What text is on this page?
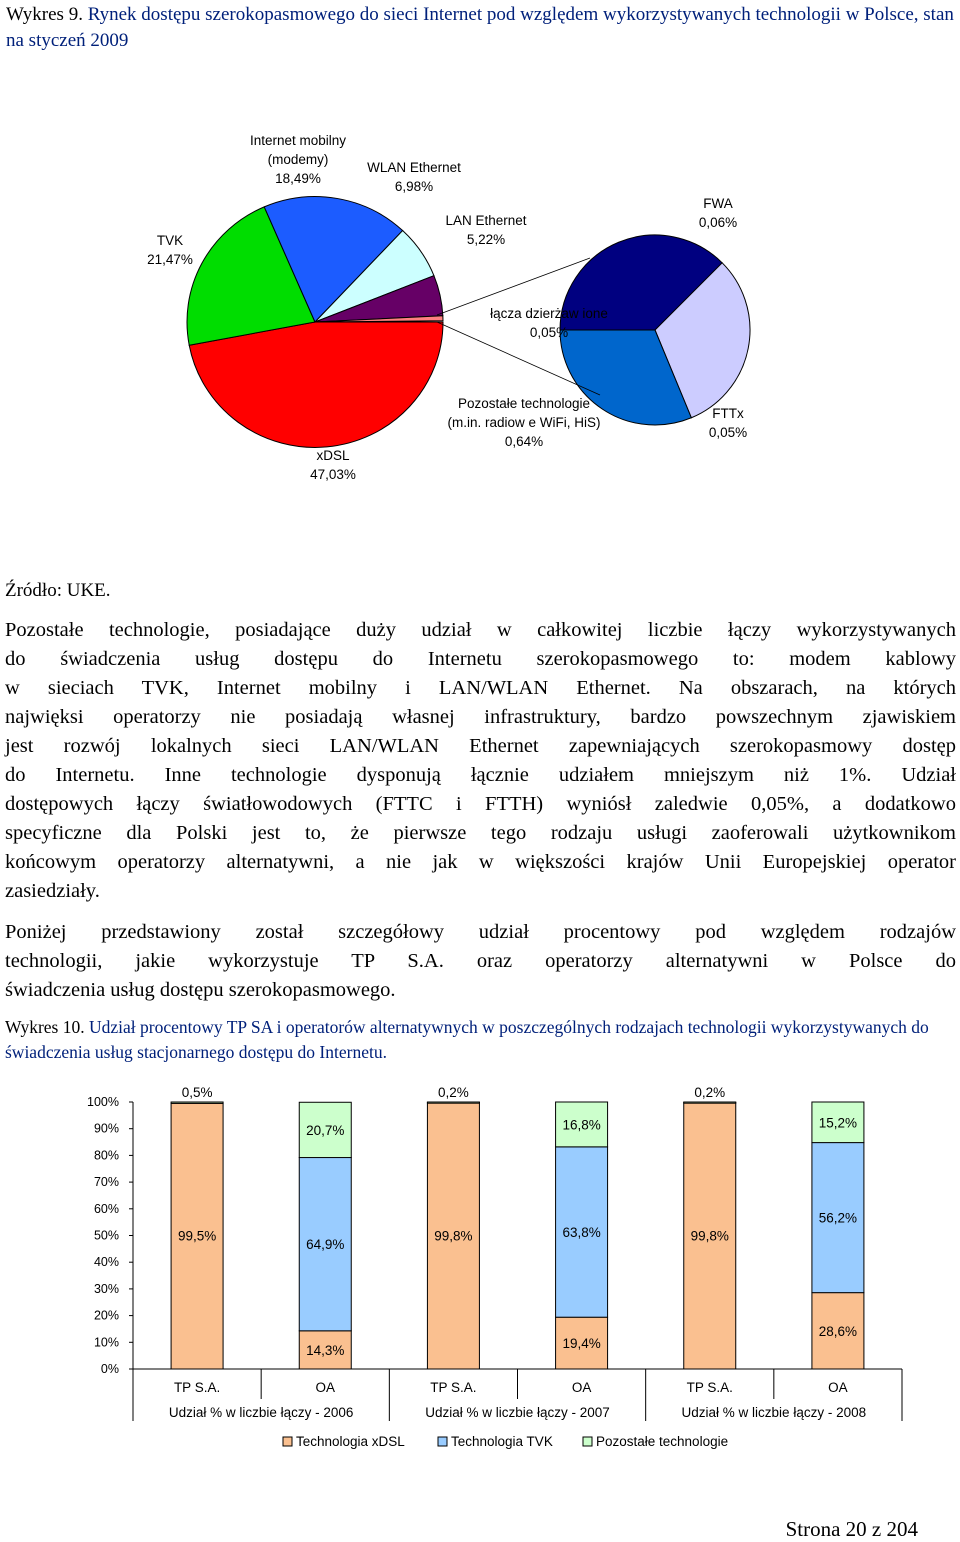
Wykres 9. Rynek dostępu szerokopasmowego do sieci Internet pod względem wykorzystywanych technologii w Polsce, stan na styczeń 2009
TVK 21,47%
Internet mobilny (modemy) 18,49%
WLAN Ethernet 6,98%
LAN Ethernet 5,22%
FWA 0,06%
łącza dzierżaw ione 0,05%
Pozostałe technologie (m.in. radiow e WiFi, HiS) 0,64%
FTTx 0,05%
xDSL 47,03%
Źródło: UKE.
Pozostałe technologie, posiadające duży udział w całkowitej liczbie łączy wykorzystywanych
do świadczenia usług dostępu do Internetu szerokopasmowego to: modem kablowy
w sieciach TVK, Internet mobilny i LAN/WLAN Ethernet. Na obszarach, na których
najwięksi operatorzy nie posiadają własnej infrastruktury, bardzo powszechnym zjawiskiem
jest rozwój lokalnych sieci LAN/WLAN Ethernet zapewniających szerokopasmowy dostęp
do Internetu. Inne technologie dysponują łącznie udziałem mniejszym niż 1%. Udział
dostępowych łączy światłowodowych (FTTC i FTTH) wyniósł zaledwie 0,05%, a dodatkowo
specyficzne dla Polski jest to, że pierwsze tego rodzaju usługi zaoferowali użytkownikom
końcowym operatorzy alternatywni, a nie jak w większości krajów Unii Europejskiej operator
zasiedziały.
Poniżej przedstawiony został szczegółowy udział procentowy pod względem rodzajów
technologii, jakie wykorzystuje TP S.A. oraz operatorzy alternatywni w Polsce do
świadczenia usług dostępu szerokopasmowego.
Wykres 10. Udział procentowy TP SA i operatorów alternatywnych w poszczególnych rodzajach technologii wykorzystywanych do świadczenia usług stacjonarnego dostępu do Internetu.
0%
10%
20%
30%
40%
50%
60%
70%
80%
90%
100%
TP S.A.	OA	TP S.A.	OA	TP S.A.	OA
Udział % w liczbie łączy - 2006	Udział % w liczbie łączy - 2007	Udział % w liczbie łączy - 2008
99,5%
0,5%
14,3%
64,9%
20,7%
99,8%
0,2%
19,4%
63,8%
16,8%
99,8%
0,2%
28,6%
56,2%
15,2%
Technologia xDSL	Technologia TVK	Pozostałe technologie
Strona 20 z 204
